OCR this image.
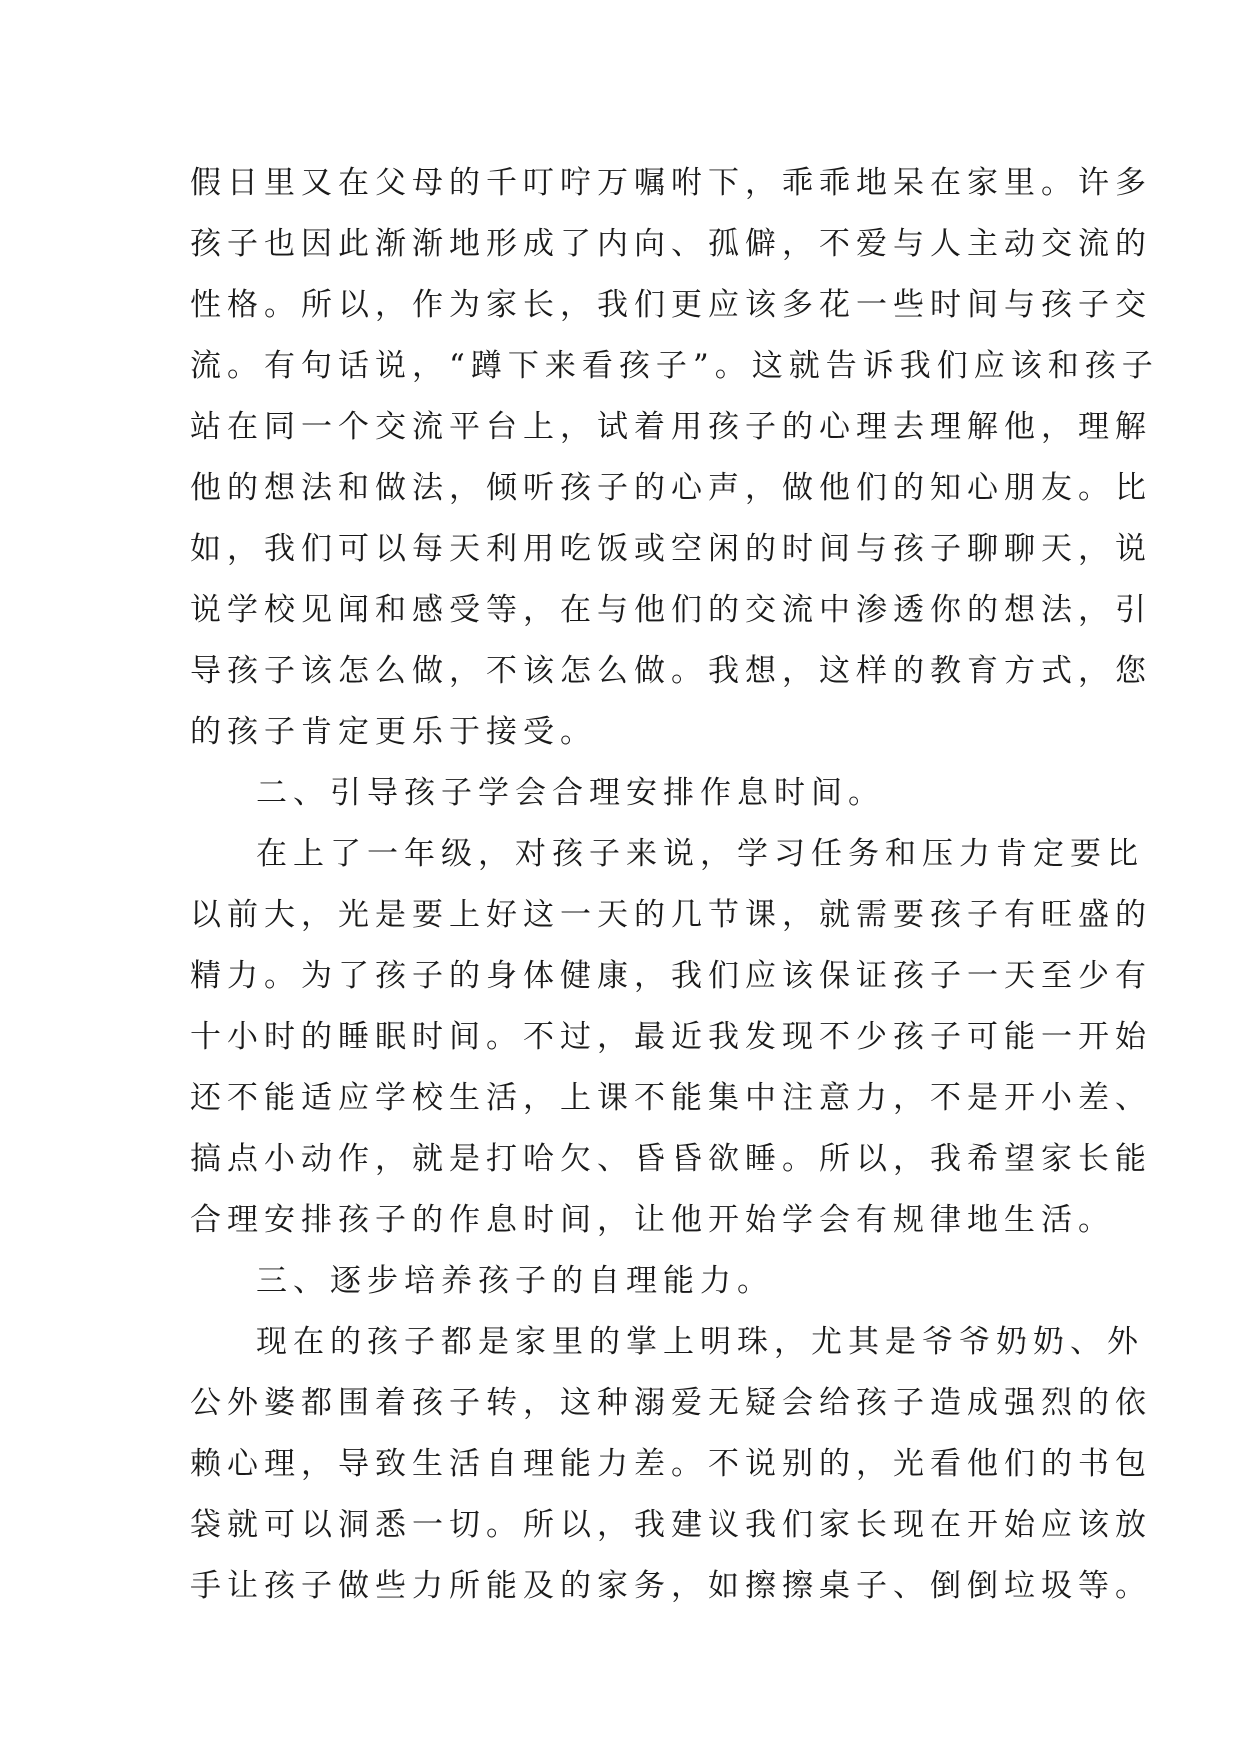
假日里又在父母的千叮咛万嘱咐下，乖乖地呆在家里。许多
孩子也因此渐渐地形成了内向、孤僻，不爱与人主动交流的
性格。所以，作为家长，我们更应该多花一些时间与孩子交
流。有句话说，“蹲下来看孩子”。这就告诉我们应该和孩子
站在同一个交流平台上，试着用孩子的心理去理解他，理解
他的想法和做法，倾听孩子的心声，做他们的知心朋友。比
如，我们可以每天利用吃饭或空闲的时间与孩子聊聊天，说
说学校见闻和感受等，在与他们的交流中渗透你的想法，引
导孩子该怎么做，不该怎么做。我想，这样的教育方式，您
的孩子肯定更乐于接受。
二、引导孩子学会合理安排作息时间。
在上了一年级，对孩子来说，学习任务和压力肯定要比
以前大，光是要上好这一天的几节课，就需要孩子有旺盛的
精力。为了孩子的身体健康，我们应该保证孩子一天至少有
十小时的睡眠时间。不过，最近我发现不少孩子可能一开始
还不能适应学校生活，上课不能集中注意力，不是开小差、
搞点小动作，就是打哈欠、昏昏欲睡。所以，我希望家长能
合理安排孩子的作息时间，让他开始学会有规律地生活。
三、逐步培养孩子的自理能力。
现在的孩子都是家里的掌上明珠，尤其是爷爷奶奶、外
公外婆都围着孩子转，这种溺爱无疑会给孩子造成强烈的依
赖心理，导致生活自理能力差。不说别的，光看他们的书包
袋就可以洞悉一切。所以，我建议我们家长现在开始应该放
手让孩子做些力所能及的家务，如擦擦桌子、倒倒垃圾等。
